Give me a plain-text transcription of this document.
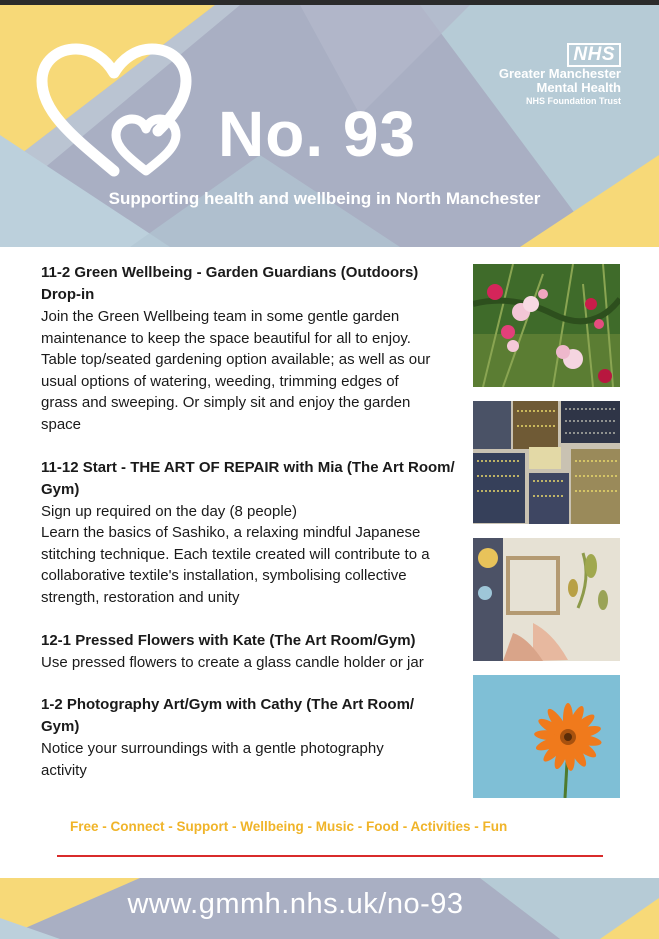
No. 93
NHS
Greater Manchester
Mental Health
NHS Foundation Trust
Supporting health and wellbeing in North Manchester
11-2 Green Wellbeing - Garden Guardians (Outdoors)
Drop-in
Join the Green Wellbeing team in some gentle garden
maintenance to keep the space beautiful for all to enjoy.
Table top/seated gardening option available; as well as our
usual options of watering, weeding, trimming edges of
grass and sweeping. Or simply sit and enjoy the garden
space
11-12 Start - THE ART OF REPAIR with Mia (The Art Room/
Gym)
Sign up required on the day (8 people)
Learn the basics of Sashiko, a relaxing mindful Japanese
stitching technique. Each textile created will contribute to a
collaborative textile's installation, symbolising collective
strength, restoration and unity
12-1 Pressed Flowers with Kate (The Art Room/Gym)
Use pressed flowers to create a glass candle holder or jar
1-2 Photography Art/Gym with Cathy (The Art Room/
Gym)
Notice your surroundings with a gentle photography
activity
Free - Connect - Support - Wellbeing - Music - Food - Activities - Fun
www.gmmh.nhs.uk/no-93
